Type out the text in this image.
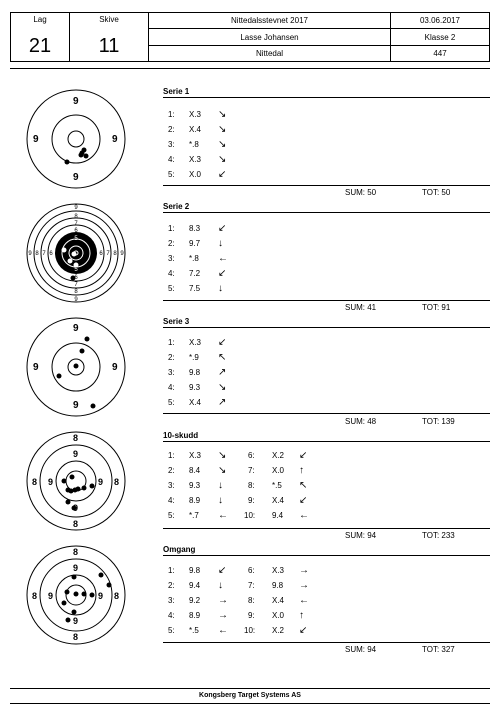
Lag
21
Skive
11
Nittedalsstevnet 2017
Lasse Johansen
Nittedal
03.06.2017
Klasse 2
447
9
9	9
9
Serie 1
1: X.3 ↘
2: X.4 ↘
3: *.8 ↘
4: X.3 ↘
5: X.0 ↙
SUM: 50	TOT: 50
9
8
7
6
5
5
6
7
8
9
9 8 7 6	6 7 8 9
Serie 2
1: 8.3 ↙
2: 9.7 ↓
3: *.8 ←
4: 7.2 ↙
5: 7.5 ↓
SUM: 41	TOT: 91
9
9	9
9
Serie 3
1: X.3 ↙
2: *.9 ↖
3: 9.8 ↗
4: 9.3 ↘
5: X.4 ↗
SUM: 48	TOT: 139
8
9
9
8
8 9	9 8
10-skudd
1: X.3 ↘
2: 8.4 ↘
3: 9.3 ↓
4: 8.9 ↓
5: *.7 ←
6: X.2 ↙
7: X.0 ↑
8: *.5 ↖
9: X.4 ↙
10: 9.4 ←
SUM: 94	TOT: 233
8
9
9
8
8 9	9 8
Omgang
1: 9.8 ↙
2: 9.4 ↓
3: 9.2 →
4: 8.9 →
5: *.5 ←
6: X.3 →
7: 9.8 →
8: X.4 ←
9: X.0 ↑
10: X.2 ↙
SUM: 94	TOT: 327
Kongsberg Target Systems AS
